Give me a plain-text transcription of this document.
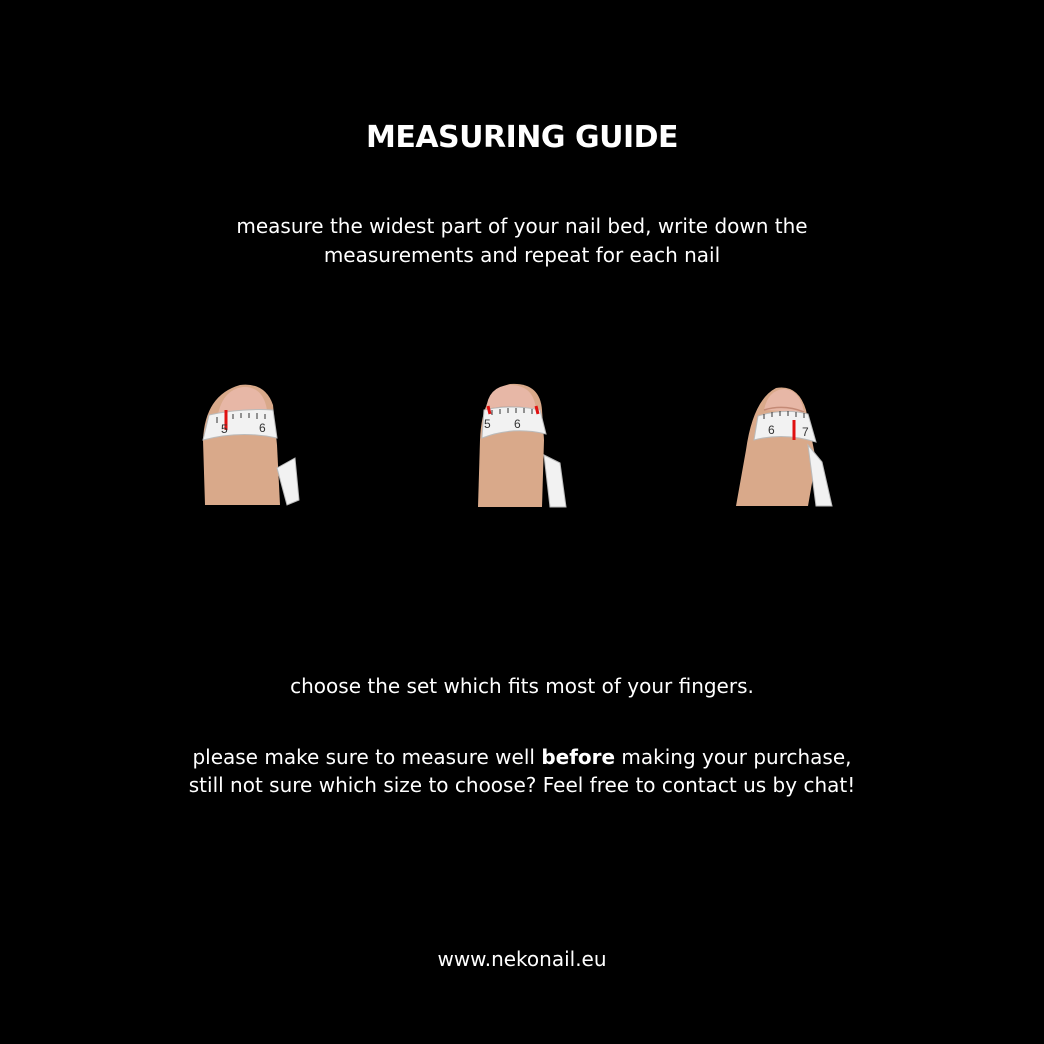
MEASURING GUIDE
measure the widest part of your nail bed, write down the
measurements and repeat for each nail
5	6	5 6	6 7
choose the set which fits most of your fingers.
please make sure to measure well before making your purchase,
still not sure which size to choose? Feel free to contact us by chat!
www.nekonail.eu
